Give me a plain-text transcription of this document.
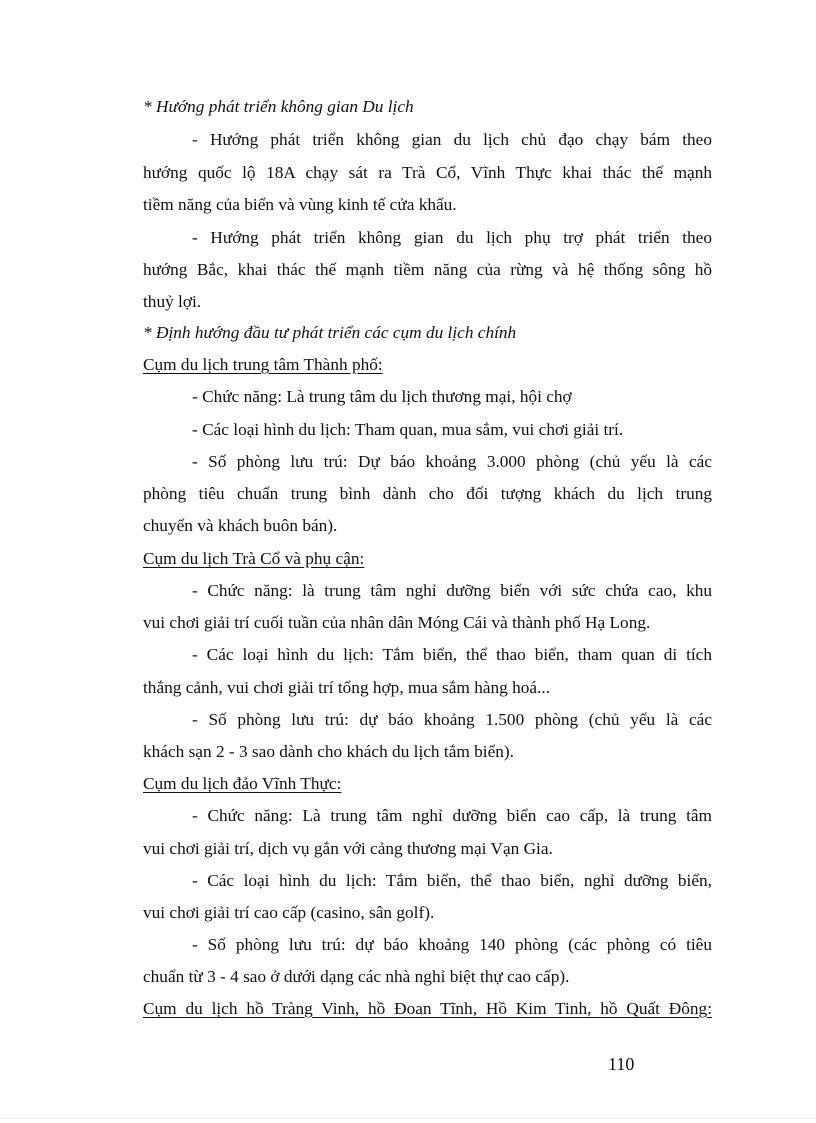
* Hướng phát triển không gian Du lịch
- Hướng phát triển không gian du lịch chủ đạo chạy bám theo
hướng quốc lộ 18A chạy sát ra Trà Cổ, Vĩnh Thực khai thác thế mạnh
tiềm năng của biển và vùng kinh tế cửa khẩu.
- Hướng phát triển không gian du lịch phụ trợ phát triển theo
hướng Bắc, khai thác thế mạnh tiềm năng của rừng và hệ thống sông hồ
thuỷ lợi.
* Định hướng đầu tư phát triển các cụm du lịch chính
Cụm du lịch trung tâm Thành phố:
- Chức năng: Là trung tâm du lịch thương mại, hội chợ
- Các loại hình du lịch: Tham quan, mua sắm, vui chơi giải trí.
- Số phòng lưu trú: Dự báo khoảng 3.000 phòng (chủ yếu là các
phòng tiêu chuẩn trung bình dành cho đối tượng khách du lịch trung
chuyển và khách buôn bán).
Cụm du lịch Trà Cổ và phụ cận:
- Chức năng: là trung tâm nghỉ dưỡng biển với sức chứa cao, khu
vui chơi giải trí cuối tuần của nhân dân Móng Cái và thành phố Hạ Long.
- Các loại hình du lịch: Tắm biển, thể thao biển, tham quan di tích
thắng cảnh, vui chơi giải trí tổng hợp, mua sắm hàng hoá...
- Số phòng lưu trú: dự báo khoảng 1.500 phòng (chủ yếu là các
khách sạn 2 - 3 sao dành cho khách du lịch tắm biển).
Cụm du lịch đảo Vĩnh Thực:
- Chức năng: Là trung tâm nghỉ dưỡng biển cao cấp, là trung tâm
vui chơi giải trí, dịch vụ gắn với cảng thương mại Vạn Gia.
- Các loại hình du lịch: Tắm biển, thể thao biển, nghỉ dưỡng biển,
vui chơi giải trí cao cấp (casino, sân golf).
- Số phòng lưu trú: dự báo khoảng 140 phòng (các phòng có tiêu
chuẩn từ 3 - 4 sao ở dưới dạng các nhà nghỉ biệt thự cao cấp).
Cụm du lịch hồ Tràng Vinh, hồ Đoan Tĩnh, Hồ Kim Tinh, hồ Quất Đông:
110
